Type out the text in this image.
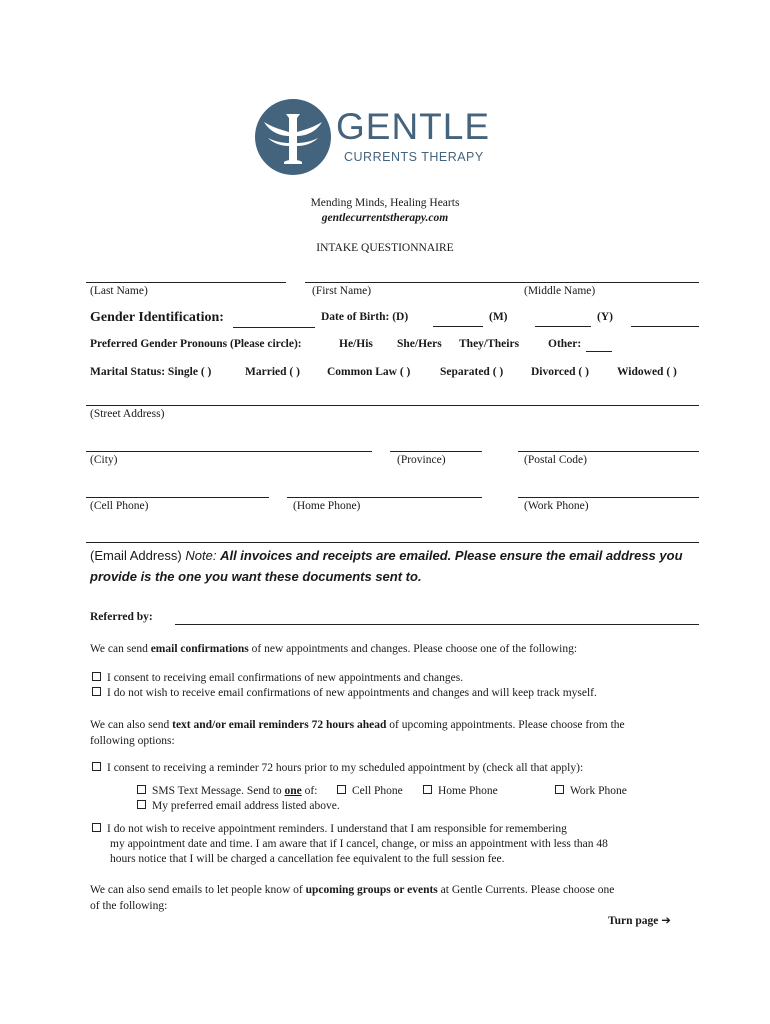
GENTLE
CURRENTS THERAPY
Mending Minds, Healing Hearts
gentlecurrentstherapy.com
INTAKE QUESTIONNAIRE
(Last Name)	(First Name)	(Middle Name)
Gender Identification:	Date of Birth: (D)	(M)	(Y)
Preferred Gender Pronouns (Please circle):	He/His She/Hers They/Theirs	Other:
Marital Status: Single ( )	Married ( ) Common Law ( )	Separated ( ) Divorced ( ) Widowed ( )
(Street Address)
(City)	(Province)	(Postal Code)
(Cell Phone)	(Home Phone)	(Work Phone)
(Email Address) Note: All invoices and receipts are emailed. Please ensure the email address you
provide is the one you want these documents sent to.
Referred by:
We can send email confirmations of new appointments and changes. Please choose one of the following:
I consent to receiving email confirmations of new appointments and changes.
I do not wish to receive email confirmations of new appointments and changes and will keep track myself.
We can also send text and/or email reminders 72 hours ahead of upcoming appointments. Please choose from the
following options:
I consent to receiving a reminder 72 hours prior to my scheduled appointment by (check all that apply):
SMS Text Message. Send to one of:	Cell Phone	Home Phone	Work Phone
My preferred email address listed above.
I do not wish to receive appointment reminders. I understand that I am responsible for remembering
my appointment date and time. I am aware that if I cancel, change, or miss an appointment with less than 48
hours notice that I will be charged a cancellation fee equivalent to the full session fee.
We can also send emails to let people know of upcoming groups or events at Gentle Currents. Please choose one
of the following:
Turn page ➔
